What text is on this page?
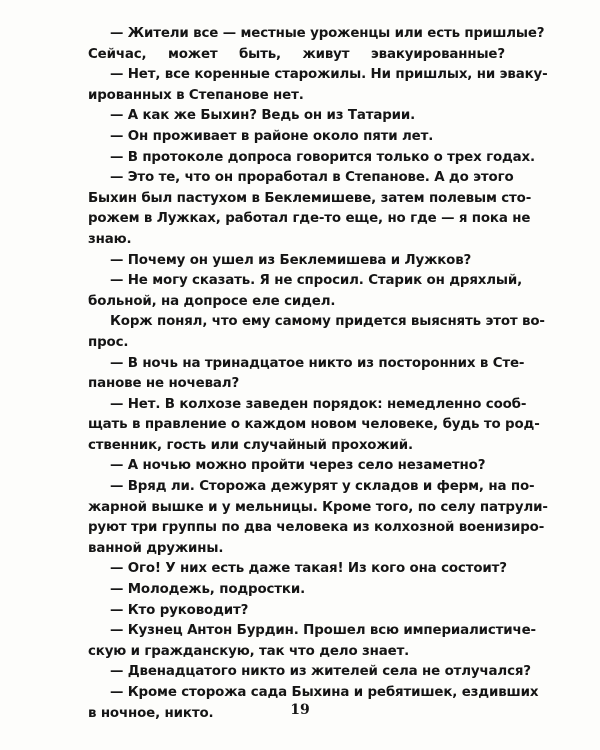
— Жители все — местные уроженцы или есть пришлые?
Сейчас, может быть, живут эвакуированные?
— Нет, все коренные старожилы. Ни пришлых, ни эваку-
ированных в Степанове нет.
— А как же Быхин? Ведь он из Татарии.
— Он проживает в районе около пяти лет.
— В протоколе допроса говорится только о трех годах.
— Это те, что он проработал в Степанове. А до этого
Быхин был пастухом в Беклемишеве, затем полевым сто-
рожем в Лужках, работал где-то еще, но где — я пока не
знаю.
— Почему он ушел из Беклемишева и Лужков?
— Не могу сказать. Я не спросил. Старик он дряхлый,
больной, на допросе еле сидел.
Корж понял, что ему самому придется выяснять этот во-
прос.
— В ночь на тринадцатое никто из посторонних в Сте-
панове не ночевал?
— Нет. В колхозе заведен порядок: немедленно сооб-
щать в правление о каждом новом человеке, будь то род-
ственник, гость или случайный прохожий.
— А ночью можно пройти через село незаметно?
— Вряд ли. Сторожа дежурят у складов и ферм, на по-
жарной вышке и у мельницы. Кроме того, по селу патрули-
руют три группы по два человека из колхозной военизиро-
ванной дружины.
— Ого! У них есть даже такая! Из кого она состоит?
— Молодежь, подростки.
— Кто руководит?
— Кузнец Антон Бурдин. Прошел всю империалистиче-
скую и гражданскую, так что дело знает.
— Двенадцатого никто из жителей села не отлучался?
— Кроме сторожа сада Быхина и ребятишек, ездивших
в ночное, никто.	19
